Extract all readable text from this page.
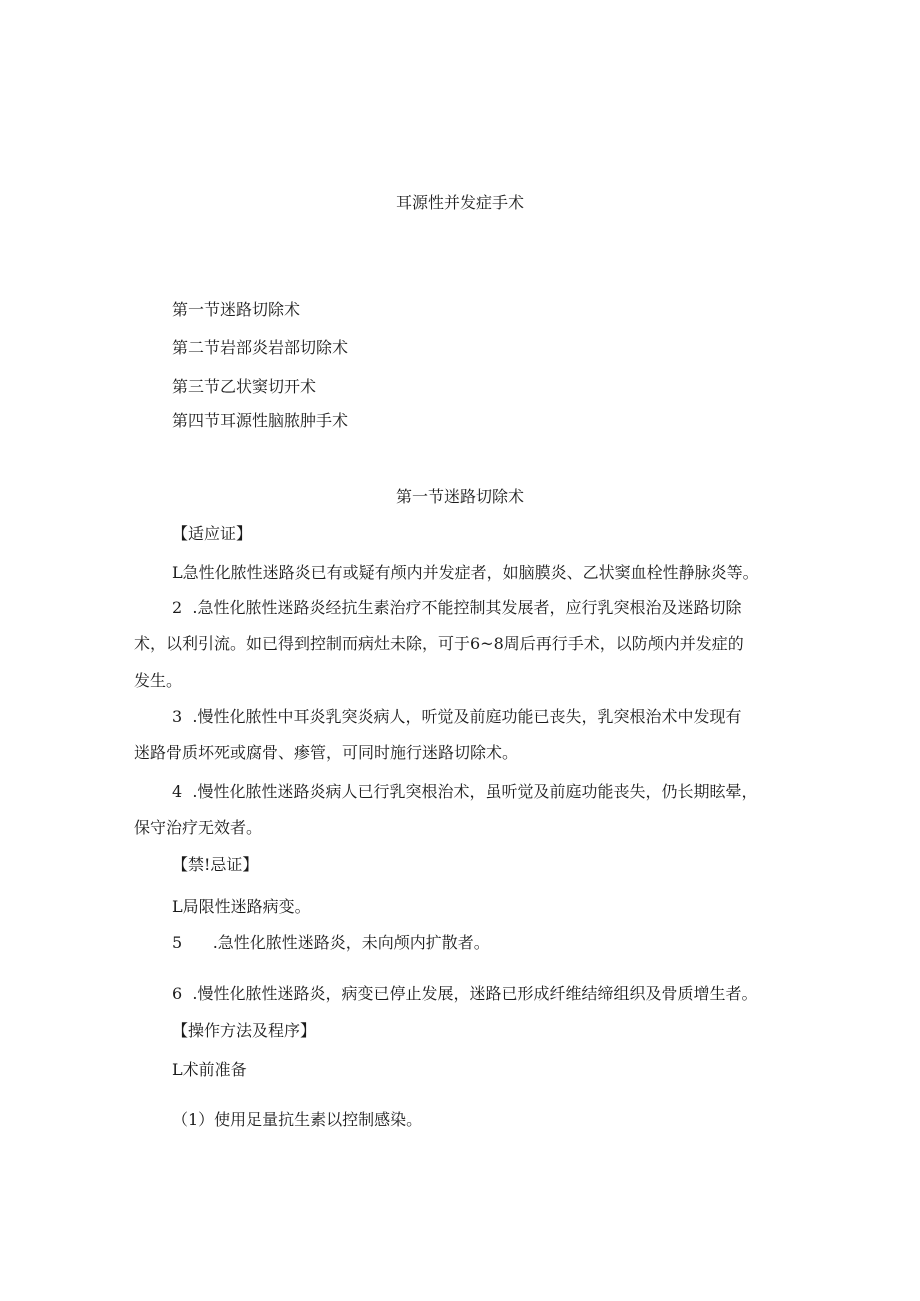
耳源性并发症手术

第一节迷路切除术

第二节岩部炎岩部切除术

第三节乙状窦切开术

第四节耳源性脑脓肿手术

第一节迷路切除术

【适应证】

L急性化脓性迷路炎已有或疑有颅内并发症者，如脑膜炎、乙状窦血栓性静脉炎等。

2  .急性化脓性迷路炎经抗生素治疗不能控制其发展者，应行乳突根治及迷路切除

术，以利引流。如已得到控制而病灶未除，可于6~8周后再行手术，以防颅内并发症的

发生。

3  .慢性化脓性中耳炎乳突炎病人，听觉及前庭功能已丧失，乳突根治术中发现有

迷路骨质坏死或腐骨、瘆管，可同时施行迷路切除术。

4  .慢性化脓性迷路炎病人已行乳突根治术，虽听觉及前庭功能丧失，仍长期眩晕，

保守治疗无效者。

【禁!忌证】

L局限性迷路病变。

5      .急性化脓性迷路炎，未向颅内扩散者。

6  .慢性化脓性迷路炎，病变已停止发展，迷路已形成纤维结缔组织及骨质增生者。

【操作方法及程序】

L术前准备

（1）使用足量抗生素以控制感染。
